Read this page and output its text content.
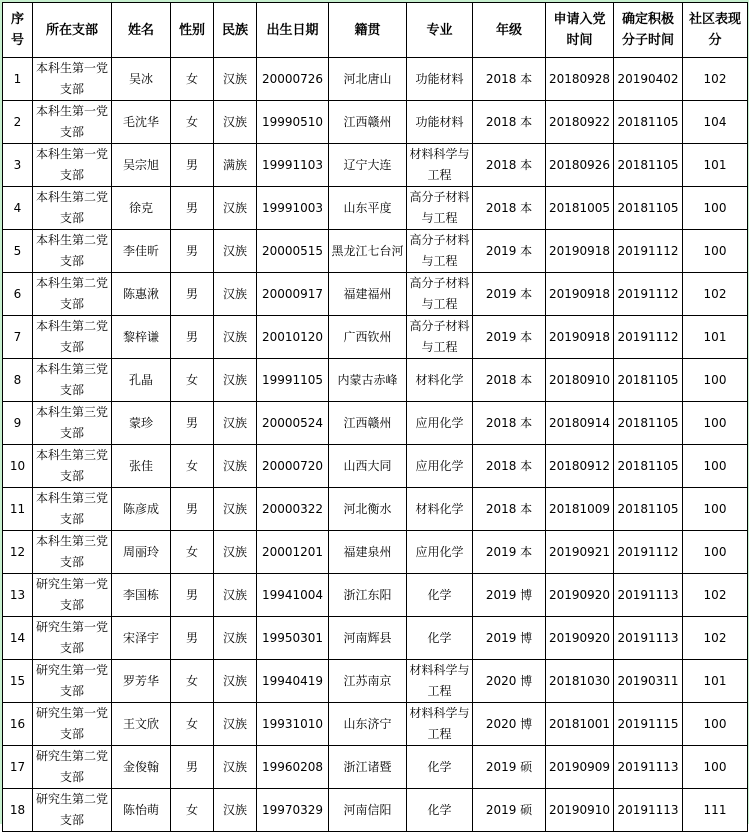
序号	所在支部	姓名	性别	民族	出生日期	籍贯	专业	年级	申请入党时间	确定积极分子时间	社区表现分
1	本科生第一党支部	吴冰	女	汉族	20000726	河北唐山	功能材料	2018 本	20180928	20190402	102
2	本科生第一党支部	毛沈华	女	汉族	19990510	江西赣州	功能材料	2018 本	20180922	20181105	104
3	本科生第一党支部	吴宗旭	男	满族	19991103	辽宁大连	材料科学与工程	2018 本	20180926	20181105	101
4	本科生第二党支部	徐克	男	汉族	19991003	山东平度	高分子材料与工程	2018 本	20181005	20181105	100
5	本科生第二党支部	李佳昕	男	汉族	20000515	黑龙江七台河	高分子材料与工程	2019 本	20190918	20191112	100
6	本科生第二党支部	陈惠湫	男	汉族	20000917	福建福州	高分子材料与工程	2019 本	20190918	20191112	102
7	本科生第二党支部	黎梓谦	男	汉族	20010120	广西钦州	高分子材料与工程	2019 本	20190918	20191112	101
8	本科生第三党支部	孔晶	女	汉族	19991105	内蒙古赤峰	材料化学	2018 本	20180910	20181105	100
9	本科生第三党支部	蒙珍	男	汉族	20000524	江西赣州	应用化学	2018 本	20180914	20181105	100
10	本科生第三党支部	张佳	女	汉族	20000720	山西大同	应用化学	2018 本	20180912	20181105	100
11	本科生第三党支部	陈彦成	男	汉族	20000322	河北衡水	材料化学	2018 本	20181009	20181105	100
12	本科生第三党支部	周丽玲	女	汉族	20001201	福建泉州	应用化学	2019 本	20190921	20191112	100
13	研究生第一党支部	李国栋	男	汉族	19941004	浙江东阳	化学	2019 博	20190920	20191113	102
14	研究生第一党支部	宋泽宇	男	汉族	19950301	河南辉县	化学	2019 博	20190920	20191113	102
15	研究生第一党支部	罗芳华	女	汉族	19940419	江苏南京	材料科学与工程	2020 博	20181030	20190311	101
16	研究生第一党支部	王文欣	女	汉族	19931010	山东济宁	材料科学与工程	2020 博	20181001	20191115	100
17	研究生第二党支部	金俊翰	男	汉族	19960208	浙江诸暨	化学	2019 硕	20190909	20191113	100
18	研究生第二党支部	陈怡萌	女	汉族	19970329	河南信阳	化学	2019 硕	20190910	20191113	111
